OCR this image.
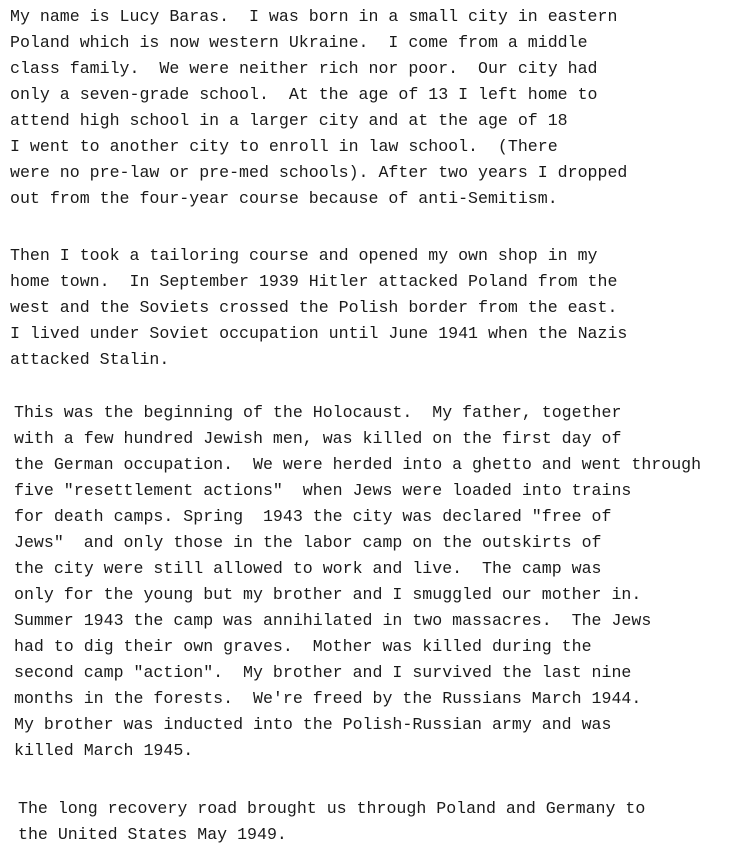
My name is Lucy Baras.  I was born in a small city in eastern
Poland which is now western Ukraine.  I come from a middle
class family.  We were neither rich nor poor.  Our city had
only a seven-grade school.  At the age of 13 I left home to
attend high school in a larger city and at the age of 18
I went to another city to enroll in law school.  (There
were no pre-law or pre-med schools). After two years I dropped
out from the four-year course because of anti-Semitism.
Then I took a tailoring course and opened my own shop in my
home town.  In September 1939 Hitler attacked Poland from the
west and the Soviets crossed the Polish border from the east.
I lived under Soviet occupation until June 1941 when the Nazis
attacked Stalin.
This was the beginning of the Holocaust.  My father, together
with a few hundred Jewish men, was killed on the first day of
the German occupation.  We were herded into a ghetto and went through
five "resettlement actions"  when Jews were loaded into trains
for death camps. Spring  1943 the city was declared "free of
Jews"  and only those in the labor camp on the outskirts of
the city were still allowed to work and live.  The camp was
only for the young but my brother and I smuggled our mother in.
Summer 1943 the camp was annihilated in two massacres.  The Jews
had to dig their own graves.  Mother was killed during the
second camp "action".  My brother and I survived the last nine
months in the forests.  We're freed by the Russians March 1944.
My brother was inducted into the Polish-Russian army and was
killed March 1945.
The long recovery road brought us through Poland and Germany to
the United States May 1949.
